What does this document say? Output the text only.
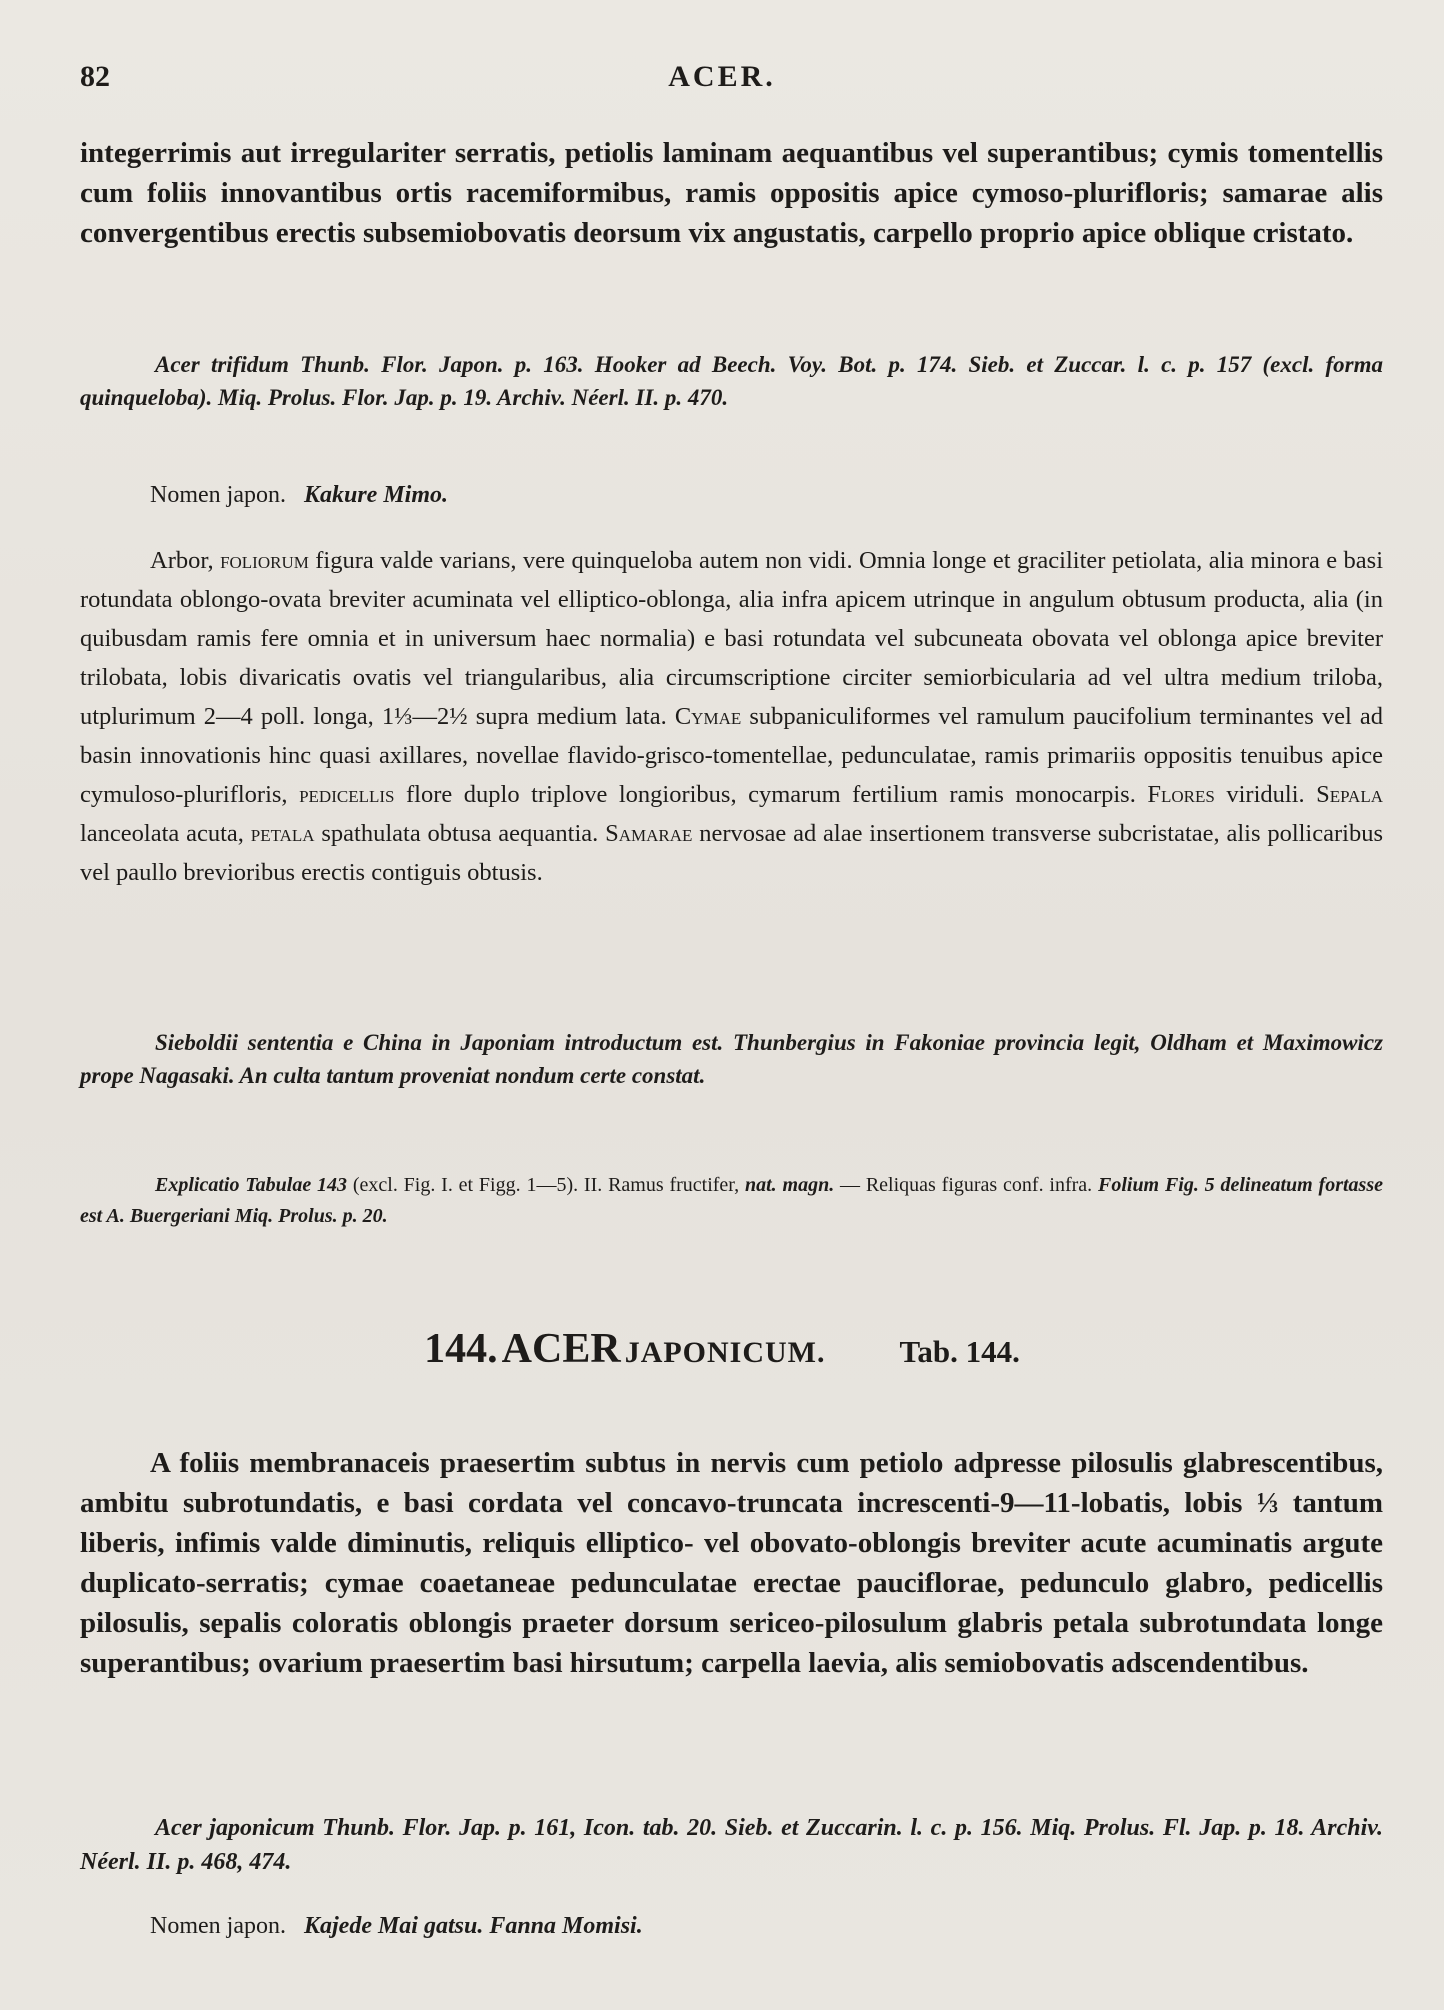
82	ACER.

integerrimis aut irregulariter serratis, petiolis laminam aequantibus vel superantibus; cymis tomentellis cum foliis innovantibus ortis racemiformibus, ramis oppositis apice cymoso-plurifloris; samarae alis convergentibus erectis subsemiobovatis deorsum vix angustatis, carpello proprio apice oblique cristato.

Acer trifidum Thunb. Flor. Japon. p. 163. Hooker ad Beech. Voy. Bot. p. 174. Sieb. et Zuccar. l. c. p. 157 (excl. forma quinqueloba). Miq. Prolus. Flor. Jap. p. 19. Archiv. Néerl. II. p. 470.

Nomen japon. Kakure Mimo.

Arbor, foliorum figura valde varians, vere quinqueloba autem non vidi. Omnia longe et graciliter petiolata, alia minora e basi rotundata oblongo-ovata breviter acuminata vel elliptico-oblonga, alia infra apicem utrinque in angulum obtusum producta, alia (in quibusdam ramis fere omnia et in universum haec normalia) e basi rotundata vel subcuneata obovata vel oblonga apice breviter trilobata, lobis divaricatis ovatis vel triangularibus, alia circumscriptione circiter semiorbicularia ad vel ultra medium triloba, utplurimum 2—4 poll. longa, 1⅓—2½ supra medium lata. Cymae subpaniculiformes vel ramulum paucifolium terminantes vel ad basin innovationis hinc quasi axillares, novellae flavido-grisco-tomentellae, pedunculatae, ramis primariis oppositis tenuibus apice cymuloso-plurifloris, pedicellis flore duplo triplove longioribus, cymarum fertilium ramis monocarpis. Flores viriduli. Sepala lanceolata acuta, petala spathulata obtusa aequantia. Samarae nervosae ad alae insertionem transverse subcristatae, alis pollicaribus vel paullo brevioribus erectis contiguis obtusis.

Sieboldii sententia e China in Japoniam introductum est. Thunbergius in Fakoniae provincia legit, Oldham et Maximowicz prope Nagasaki. An culta tantum proveniat nondum certe constat.

Explicatio Tabulae 143 (excl. Fig. I. et Figg. 1—5). II. Ramus fructifer, nat. magn. — Reliquas figuras conf. infra. Folium Fig. 5 delineatum fortasse est A. Buergeriani Miq. Prolus. p. 20.

144. ACER JAPONICUM. Tab. 144.

A foliis membranaceis praesertim subtus in nervis cum petiolo adpresse pilosulis glabrescentibus, ambitu subrotundatis, e basi cordata vel concavo-truncata increscenti-9—11-lobatis, lobis ⅓ tantum liberis, infimis valde diminutis, reliquis elliptico- vel obovato-oblongis breviter acute acuminatis argute duplicato-serratis; cymae coaetaneae pedunculatae erectae pauciflorae, pedunculo glabro, pedicellis pilosulis, sepalis coloratis oblongis praeter dorsum sericeo-pilosulum glabris petala subrotundata longe superantibus; ovarium praesertim basi hirsutum; carpella laevia, alis semiobovatis adscendentibus.

Acer japonicum Thunb. Flor. Jap. p. 161, Icon. tab. 20. Sieb. et Zuccarin. l. c. p. 156. Miq. Prolus. Fl. Jap. p. 18. Archiv. Néerl. II. p. 468, 474.

Nomen japon. Kajede Mai gatsu. Fanna Momisi.
